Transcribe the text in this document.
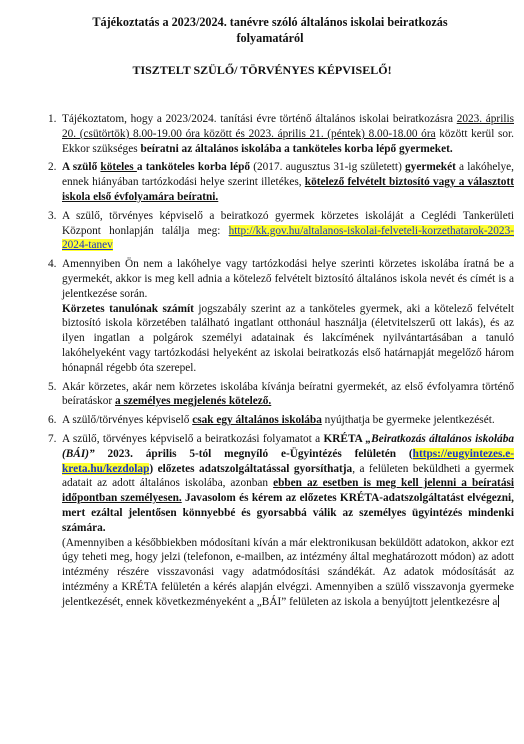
Tájékoztatás a 2023/2024. tanévre szóló általános iskolai beiratkozás
folyamatáról
TISZTELT SZÜLŐ/ TÖRVÉNYES KÉPVISELŐ!
1. Tájékoztatom, hogy a 2023/2024. tanítási évre történő általános iskolai beiratkozásra 2023. április 20. (csütörtök) 8.00-19.00 óra között és 2023. április 21. (péntek) 8.00-18.00 óra között kerül sor. Ekkor szükséges beíratni az általános iskolába a tanköteles korba lépő gyermeket.
2. A szülő köteles a tanköteles korba lépő (2017. augusztus 31-ig született) gyermekét a lakóhelye, ennek hiányában tartózkodási helye szerint illetékes, kötelező felvételt biztosító vagy a választott iskola első évfolyamára beíratni.
3. A szülő, törvényes képviselő a beiratkozó gyermek körzetes iskoláját a Ceglédi Tankerületi Központ honlapján találja meg: http://kk.gov.hu/altalanos-iskolai-felveteli-korzethatarok-2023-2024-tanev
4. Amennyiben Ön nem a lakóhelye vagy tartózkodási helye szerinti körzetes iskolába íratná be a gyermekét, akkor is meg kell adnia a kötelező felvételt biztosító általános iskola nevét és címét is a jelentkezése során.
Körzetes tanulónak számít jogszabály szerint az a tanköteles gyermek, aki a kötelező felvételt biztosító iskola körzetében található ingatlant otthonául használja (életvitelszerű ott lakás), és az ilyen ingatlan a polgárok személyi adatainak és lakcímének nyilvántartásában a tanuló lakóhelyeként vagy tartózkodási helyeként az iskolai beiratkozás első határnapját megelőző három hónapnál régebb óta szerepel.
5. Akár körzetes, akár nem körzetes iskolába kívánja beíratni gyermekét, az első évfolyamra történő beíratáskor a személyes megjelenés kötelező.
6. A szülő/törvényes képviselő csak egy általános iskolába nyújthatja be gyermeke jelentkezését.
7. A szülő, törvényes képviselő a beiratkozási folyamatot a KRÉTA „Beiratkozás általános iskolába (BÁI)” 2023. április 5-tól megnyíló e-Ügyintézés felületén (https://eugyintezes.e-kreta.hu/kezdolap) előzetes adatszolgáltatással gyorsíthatja, a felületen beküldheti a gyermek adatait az adott általános iskolába, azonban ebben az esetben is meg kell jelenni a beíratási időpontban személyesen. Javasolom és kérem az előzetes KRÉTA-adatszolgáltatást elvégezni, mert ezáltal jelentősen könnyebbé és gyorsabbá válik az személyes ügyintézés mindenki számára.
(Amennyiben a későbbiekben módosítani kíván a már elektronikusan beküldött adatokon, akkor ezt úgy teheti meg, hogy jelzi (telefonon, e-mailben, az intézmény által meghatározott módon) az adott intézmény részére visszavonási vagy adatmódosítási szándékát. Az adatok módosítását az intézmény a KRÉTA felületén a kérés alapján elvégzi. Amennyiben a szülő visszavonja gyermeke jelentkezését, ennek következményeként a „BÁI” felületen az iskola a benyújtott jelentkezésre a
